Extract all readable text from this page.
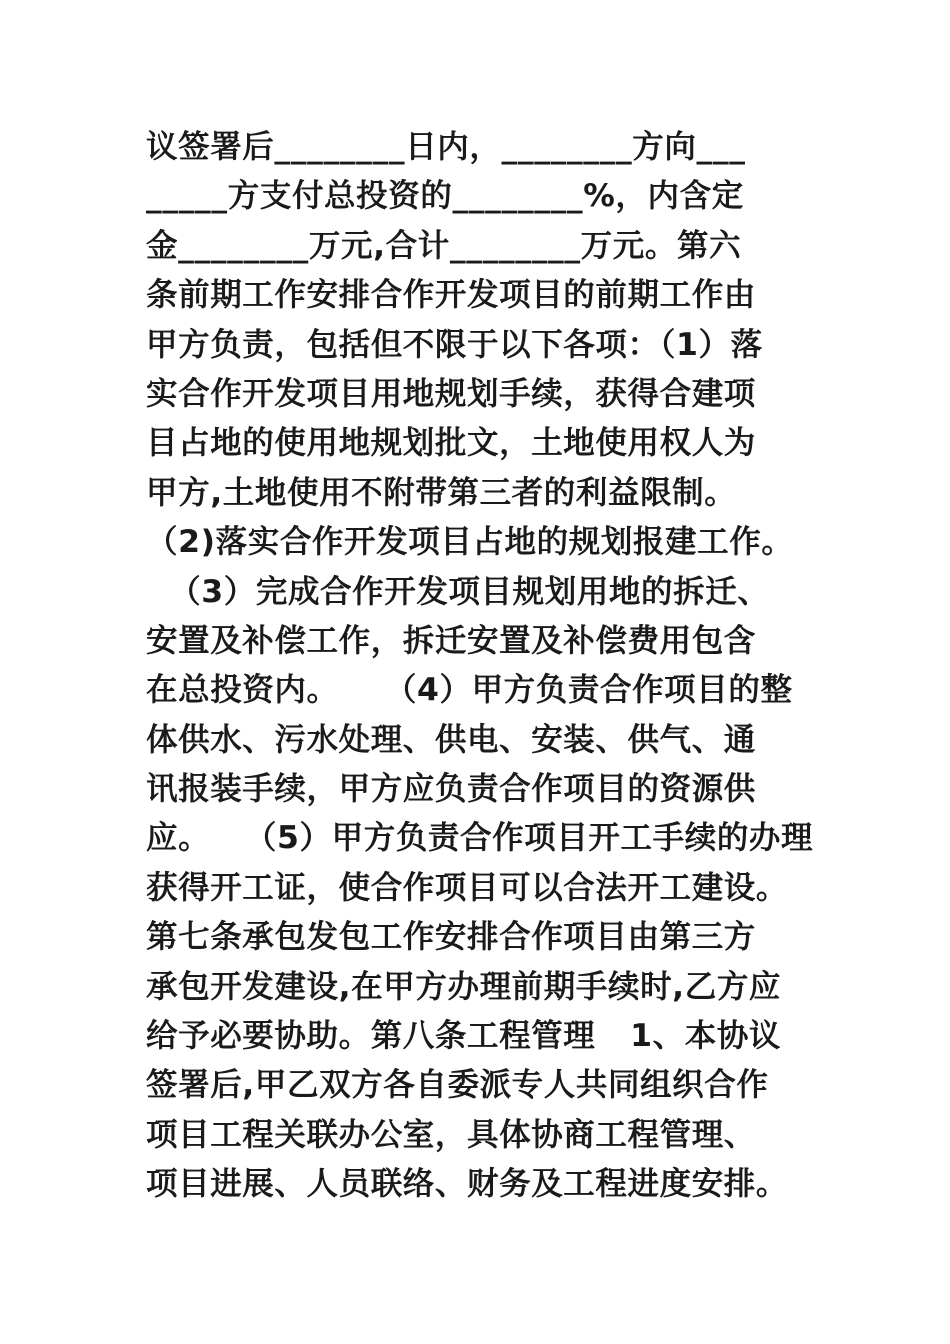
议签署后________日内，________方向___
_____方支付总投资的________%，内含定
金________万元,合计________万元。第六
条前期工作安排合作开发项目的前期工作由
甲方负责，包括但不限于以下各项：（1）落
实合作开发项目用地规划手续，获得合建项
目占地的使用地规划批文，土地使用权人为
甲方,土地使用不附带第三者的利益限制。
（2)落实合作开发项目占地的规划报建工作。
（3）完成合作开发项目规划用地的拆迁、
安置及补偿工作，拆迁安置及补偿费用包含
在总投资内。    （4）甲方负责合作项目的整
体供水、污水处理、供电、安装、供气、通
讯报装手续，甲方应负责合作项目的资源供
应。   （5）甲方负责合作项目开工手续的办理
获得开工证，使合作项目可以合法开工建设。
第七条承包发包工作安排合作项目由第三方
承包开发建设,在甲方办理前期手续时,乙方应
给予必要协助。第八条工程管理   1、本协议
签署后,甲乙双方各自委派专人共同组织合作
项目工程关联办公室，具体协商工程管理、
项目进展、人员联络、财务及工程进度安排。
